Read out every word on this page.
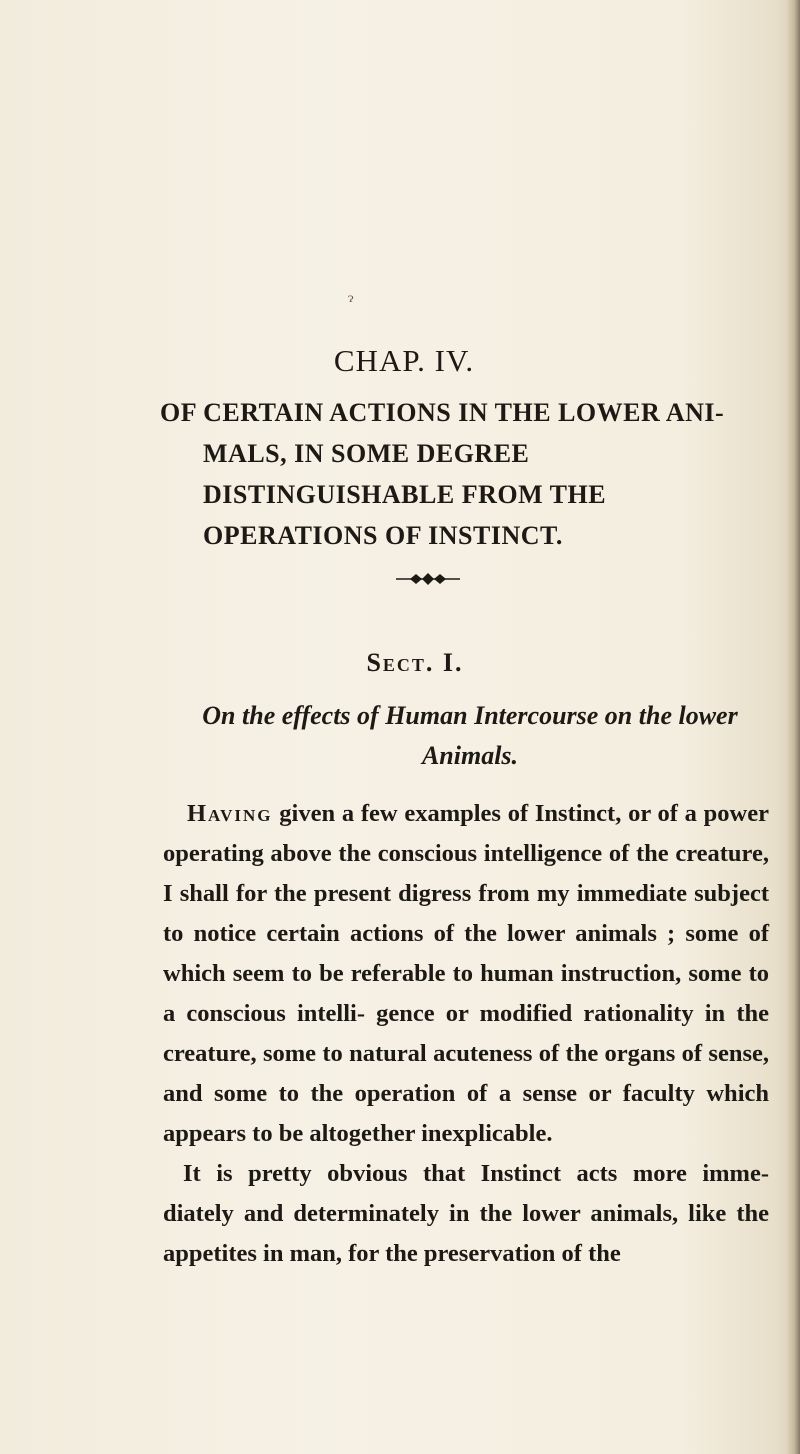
ɂ
CHAP. IV.
OF CERTAIN ACTIONS IN THE LOWER ANI- MALS, IN SOME DEGREE DISTINGUISHABLE FROM THE OPERATIONS OF INSTINCT.
Sect. I.
On the effects of Human Intercourse on the lower Animals.

Having given a few examples of Instinct, or of a power operating above the conscious intelligence of the creature, I shall for the present digress from my immediate subject to notice certain actions of the lower animals ; some of which seem to be referable to human instruction, some to a conscious intelli- gence or modified rationality in the creature, some to natural acuteness of the organs of sense, and some to the operation of a sense or faculty which appears to be altogether inexplicable.

It is pretty obvious that Instinct acts more imme- diately and determinately in the lower animals, like the appetites in man, for the preservation of the
